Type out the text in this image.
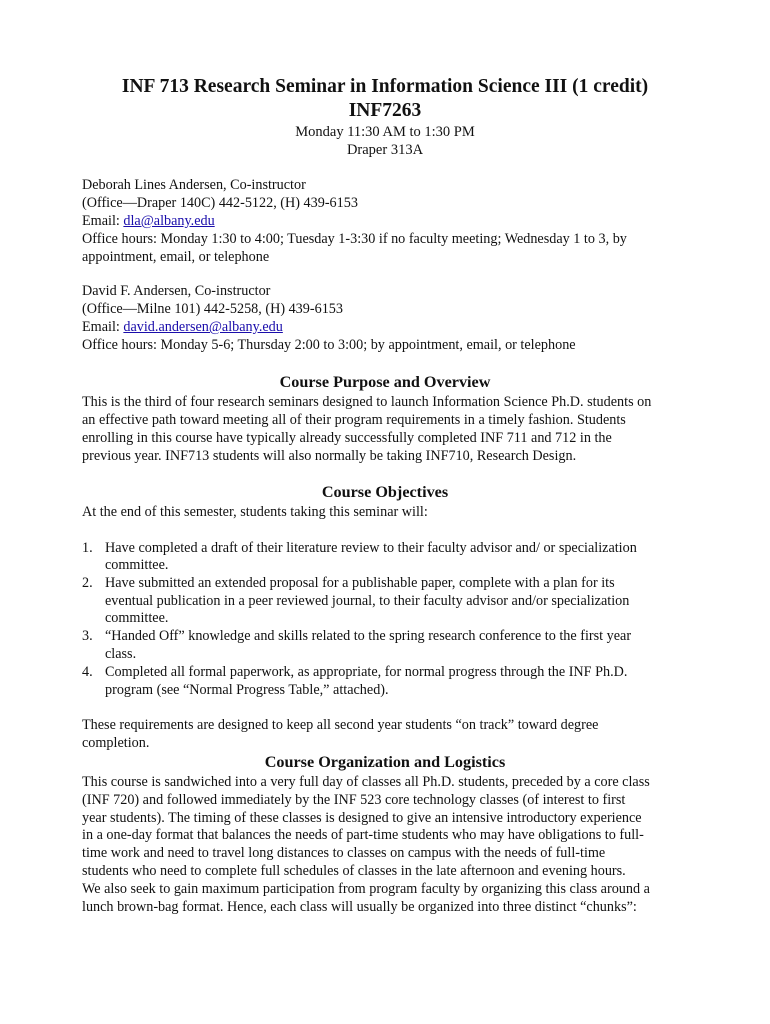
INF 713 Research Seminar in Information Science III (1 credit)
INF7263
Monday 11:30 AM to 1:30 PM
Draper 313A
Deborah Lines Andersen, Co-instructor
(Office—Draper 140C) 442-5122, (H) 439-6153
Email: dla@albany.edu
Office hours: Monday 1:30 to 4:00; Tuesday 1-3:30 if no faculty meeting; Wednesday 1 to 3, by
appointment, email, or telephone
David F. Andersen, Co-instructor
(Office—Milne 101) 442-5258, (H) 439-6153
Email: david.andersen@albany.edu
Office hours: Monday 5-6; Thursday 2:00 to 3:00; by appointment, email, or telephone
Course Purpose and Overview
This is the third of four research seminars designed to launch Information Science Ph.D. students on
an effective path toward meeting all of their program requirements in a timely fashion. Students
enrolling in this course have typically already successfully completed INF 711 and 712 in the
previous year. INF713 students will also normally be taking INF710, Research Design.
Course Objectives
At the end of this semester, students taking this seminar will:
1. Have completed a draft of their literature review to their faculty advisor and/ or specialization
committee.
2. Have submitted an extended proposal for a publishable paper, complete with a plan for its
eventual publication in a peer reviewed journal, to their faculty advisor and/or specialization
committee.
3. “Handed Off” knowledge and skills related to the spring research conference to the first year
class.
4. Completed all formal paperwork, as appropriate, for normal progress through the INF Ph.D.
program (see “Normal Progress Table,” attached).
These requirements are designed to keep all second year students “on track” toward degree
completion.
Course Organization and Logistics
This course is sandwiched into a very full day of classes all Ph.D. students, preceded by a core class
(INF 720) and followed immediately by the INF 523 core technology classes (of interest to first
year students). The timing of these classes is designed to give an intensive introductory experience
in a one-day format that balances the needs of part-time students who may have obligations to full-
time work and need to travel long distances to classes on campus with the needs of full-time
students who need to complete full schedules of classes in the late afternoon and evening hours.
We also seek to gain maximum participation from program faculty by organizing this class around a
lunch brown-bag format. Hence, each class will usually be organized into three distinct “chunks”:
